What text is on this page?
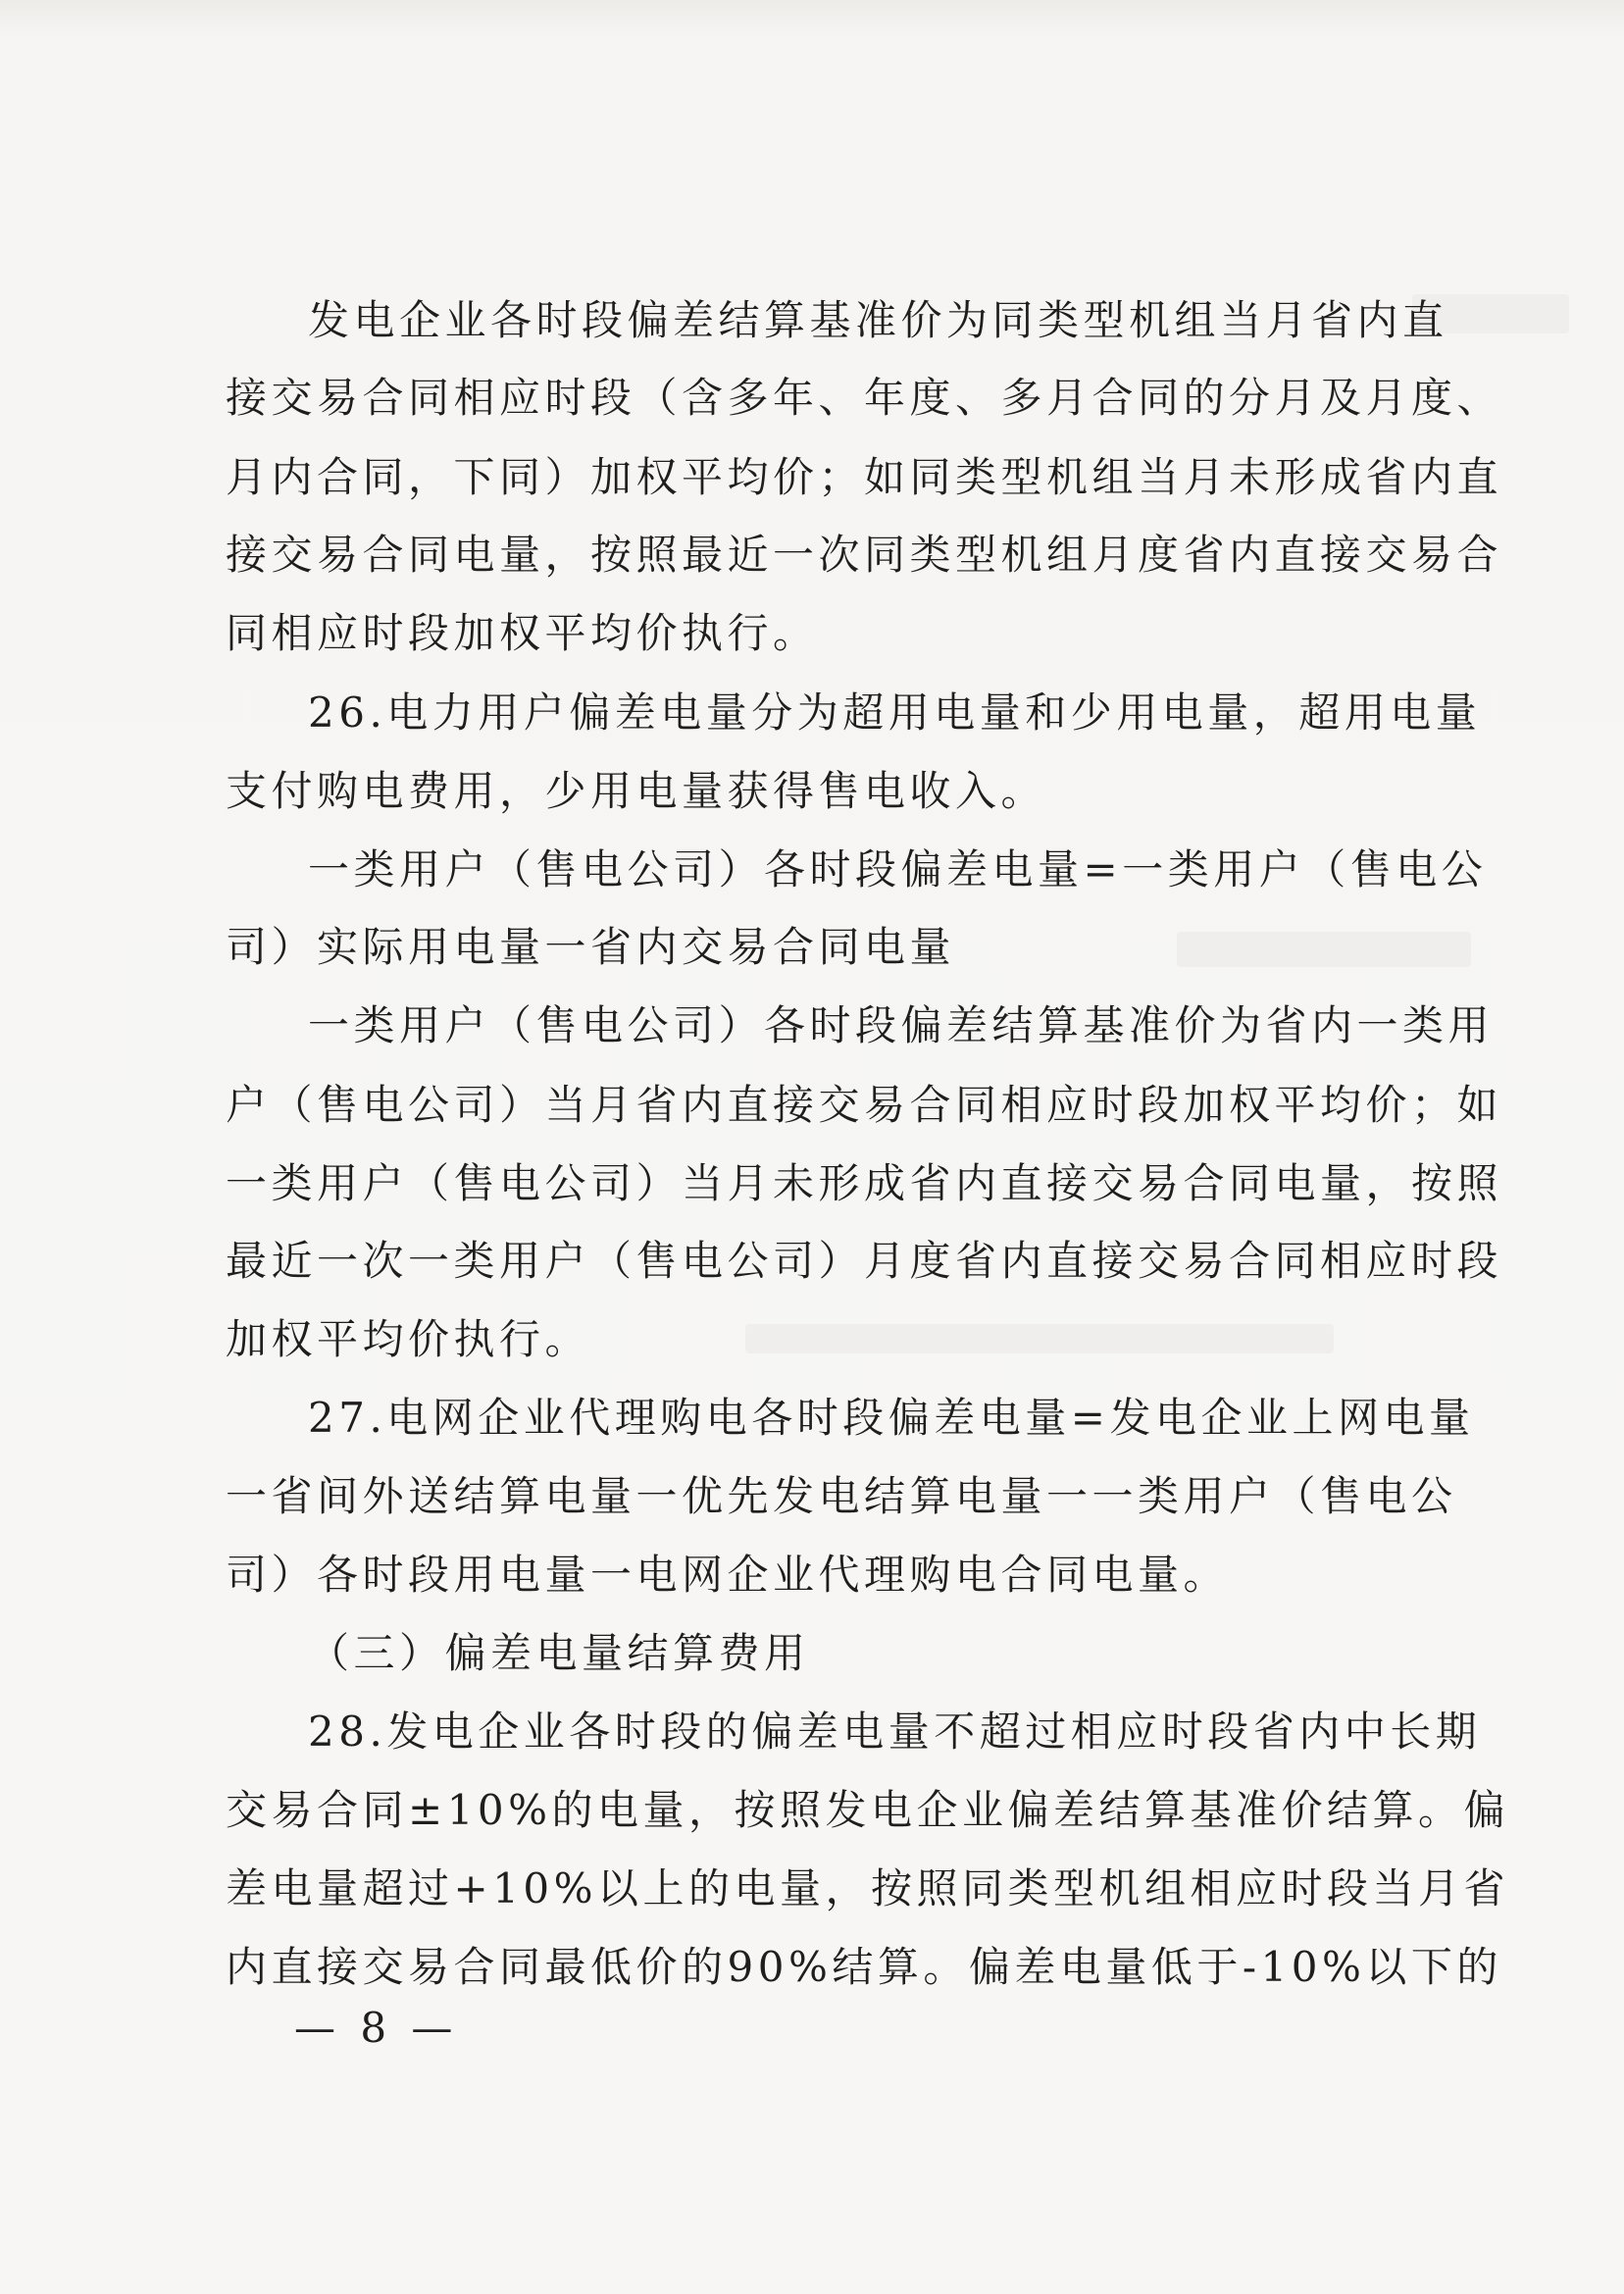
发电企业各时段偏差结算基准价为同类型机组当月省内直
接交易合同相应时段（含多年、年度、多月合同的分月及月度、
月内合同，下同）加权平均价；如同类型机组当月未形成省内直
接交易合同电量，按照最近一次同类型机组月度省内直接交易合
同相应时段加权平均价执行。
26.电力用户偏差电量分为超用电量和少用电量，超用电量
支付购电费用，少用电量获得售电收入。
一类用户（售电公司）各时段偏差电量=一类用户（售电公
司）实际用电量一省内交易合同电量
一类用户（售电公司）各时段偏差结算基准价为省内一类用
户（售电公司）当月省内直接交易合同相应时段加权平均价；如
一类用户（售电公司）当月未形成省内直接交易合同电量，按照
最近一次一类用户（售电公司）月度省内直接交易合同相应时段
加权平均价执行。
27.电网企业代理购电各时段偏差电量=发电企业上网电量
一省间外送结算电量一优先发电结算电量一一类用户（售电公
司）各时段用电量一电网企业代理购电合同电量。
（三）偏差电量结算费用
28.发电企业各时段的偏差电量不超过相应时段省内中长期
交易合同±10%的电量，按照发电企业偏差结算基准价结算。偏
差电量超过+10%以上的电量，按照同类型机组相应时段当月省
内直接交易合同最低价的90%结算。偏差电量低于-10%以下的
— 8 —
